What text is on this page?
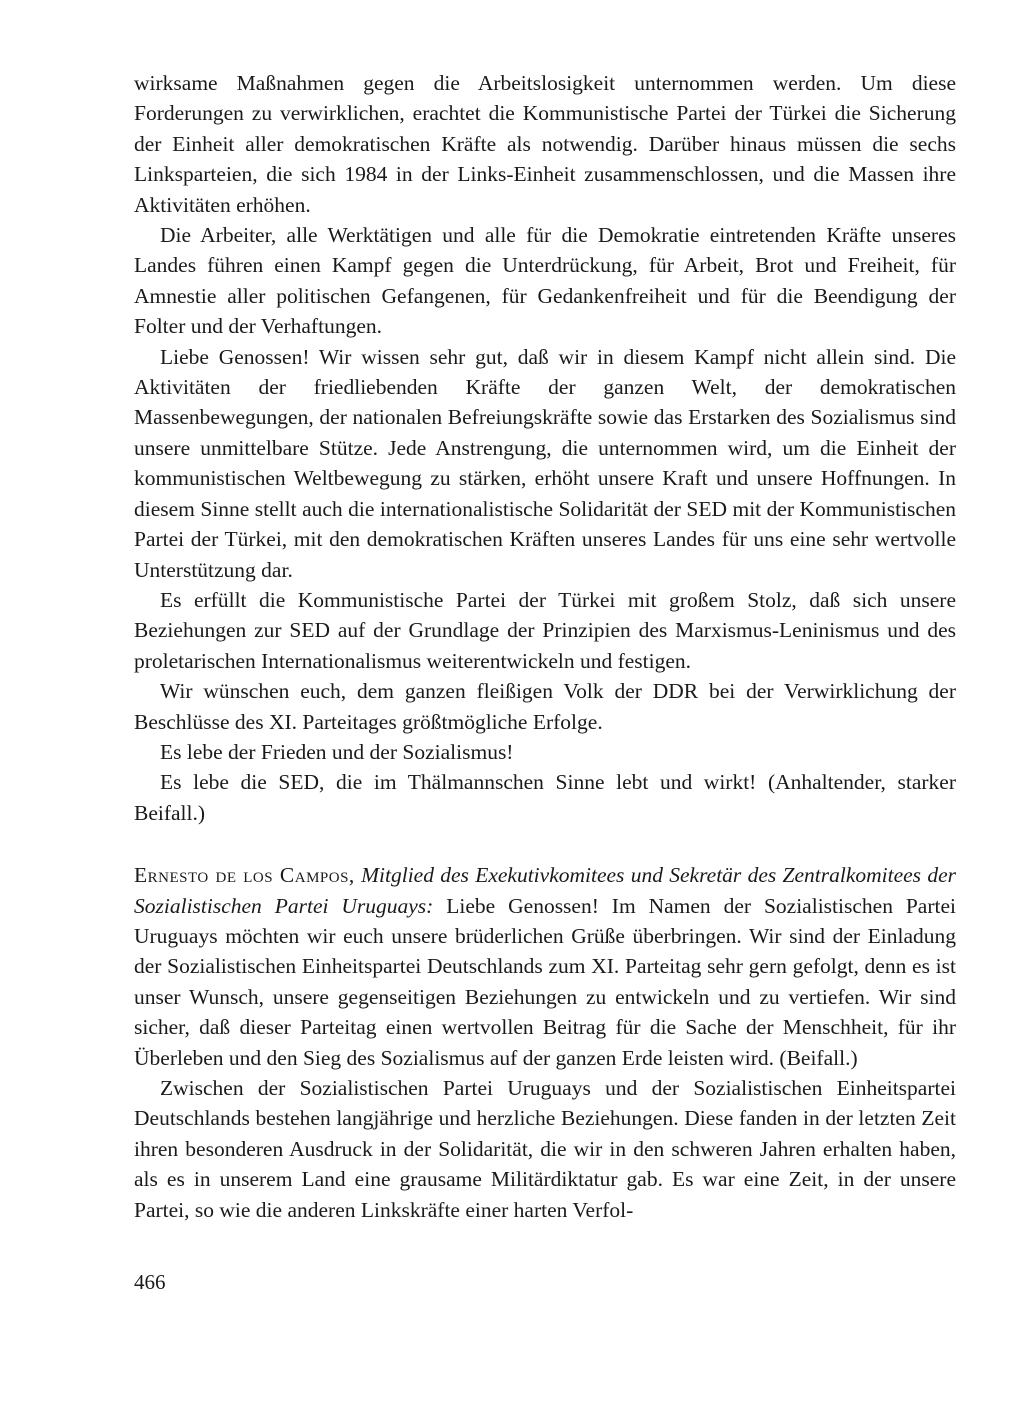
wirksame Maßnahmen gegen die Arbeitslosigkeit unternommen werden. Um diese Forderungen zu verwirklichen, erachtet die Kommunistische Partei der Türkei die Sicherung der Einheit aller demokratischen Kräfte als notwendig. Darüber hinaus müssen die sechs Linksparteien, die sich 1984 in der Links-Einheit zusammenschlossen, und die Massen ihre Aktivitäten erhöhen.

Die Arbeiter, alle Werktätigen und alle für die Demokratie eintretenden Kräfte unseres Landes führen einen Kampf gegen die Unterdrückung, für Arbeit, Brot und Freiheit, für Amnestie aller politischen Gefangenen, für Gedankenfreiheit und für die Beendigung der Folter und der Verhaftungen.

Liebe Genossen! Wir wissen sehr gut, daß wir in diesem Kampf nicht allein sind. Die Aktivitäten der friedliebenden Kräfte der ganzen Welt, der demokratischen Massenbewegungen, der nationalen Befreiungskräfte sowie das Erstarken des Sozialismus sind unsere unmittelbare Stütze. Jede Anstrengung, die unternommen wird, um die Einheit der kommunistischen Weltbewegung zu stärken, erhöht unsere Kraft und unsere Hoffnungen. In diesem Sinne stellt auch die internationalistische Solidarität der SED mit der Kommunistischen Partei der Türkei, mit den demokratischen Kräften unseres Landes für uns eine sehr wertvolle Unterstützung dar.

Es erfüllt die Kommunistische Partei der Türkei mit großem Stolz, daß sich unsere Beziehungen zur SED auf der Grundlage der Prinzipien des Marxismus-Leninismus und des proletarischen Internationalismus weiterentwickeln und festigen.

Wir wünschen euch, dem ganzen fleißigen Volk der DDR bei der Verwirklichung der Beschlüsse des XI. Parteitages größtmögliche Erfolge.

Es lebe der Frieden und der Sozialismus!

Es lebe die SED, die im Thälmannschen Sinne lebt und wirkt! (Anhaltender, starker Beifall.)

Ernesto de los Campos, Mitglied des Exekutivkomitees und Sekretär des Zentralkomitees der Sozialistischen Partei Uruguays: Liebe Genossen! Im Namen der Sozialistischen Partei Uruguays möchten wir euch unsere brüderlichen Grüße überbringen. Wir sind der Einladung der Sozialistischen Einheitspartei Deutschlands zum XI. Parteitag sehr gern gefolgt, denn es ist unser Wunsch, unsere gegenseitigen Beziehungen zu entwickeln und zu vertiefen. Wir sind sicher, daß dieser Parteitag einen wertvollen Beitrag für die Sache der Menschheit, für ihr Überleben und den Sieg des Sozialismus auf der ganzen Erde leisten wird. (Beifall.)

Zwischen der Sozialistischen Partei Uruguays und der Sozialistischen Einheitspartei Deutschlands bestehen langjährige und herzliche Beziehungen. Diese fanden in der letzten Zeit ihren besonderen Ausdruck in der Solidarität, die wir in den schweren Jahren erhalten haben, als es in unserem Land eine grausame Militärdiktatur gab. Es war eine Zeit, in der unsere Partei, so wie die anderen Linkskräfte einer harten Verfol-

466
